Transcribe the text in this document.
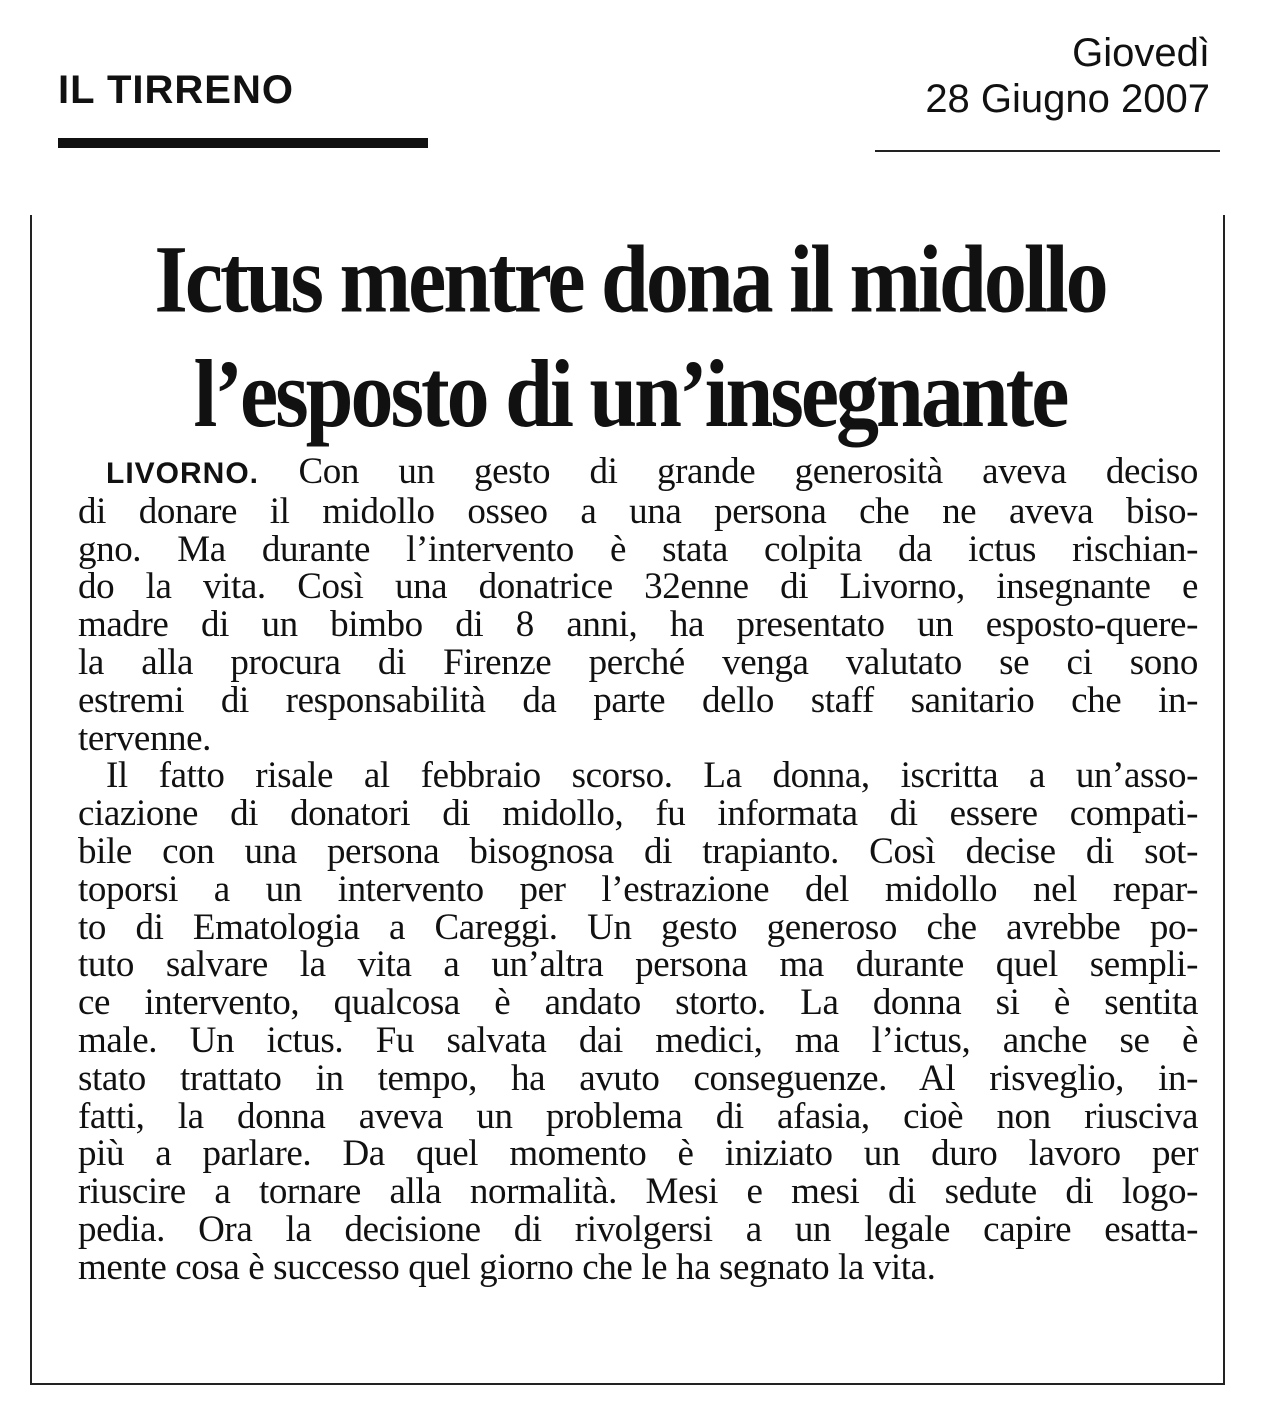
IL TIRRENO
Giovedì
28 Giugno 2007
Ictus mentre dona il midollo
l’esposto di un’insegnante

LIVORNO. Con un gesto di grande generosità aveva deciso
di donare il midollo osseo a una persona che ne aveva biso-
gno. Ma durante l’intervento è stata colpita da ictus rischian-
do la vita. Così una donatrice 32enne di Livorno, insegnante e
madre di un bimbo di 8 anni, ha presentato un esposto-quere-
la alla procura di Firenze perché venga valutato se ci sono
estremi di responsabilità da parte dello staff sanitario che in-
tervenne.

Il fatto risale al febbraio scorso. La donna, iscritta a un’asso-
ciazione di donatori di midollo, fu informata di essere compati-
bile con una persona bisognosa di trapianto. Così decise di sot-
toporsi a un intervento per l’estrazione del midollo nel repar-
to di Ematologia a Careggi. Un gesto generoso che avrebbe po-
tuto salvare la vita a un’altra persona ma durante quel sempli-
ce intervento, qualcosa è andato storto. La donna si è sentita
male. Un ictus. Fu salvata dai medici, ma l’ictus, anche se è
stato trattato in tempo, ha avuto conseguenze. Al risveglio, in-
fatti, la donna aveva un problema di afasia, cioè non riusciva
più a parlare. Da quel momento è iniziato un duro lavoro per
riuscire a tornare alla normalità. Mesi e mesi di sedute di logo-
pedia. Ora la decisione di rivolgersi a un legale capire esatta-
mente cosa è successo quel giorno che le ha segnato la vita.
